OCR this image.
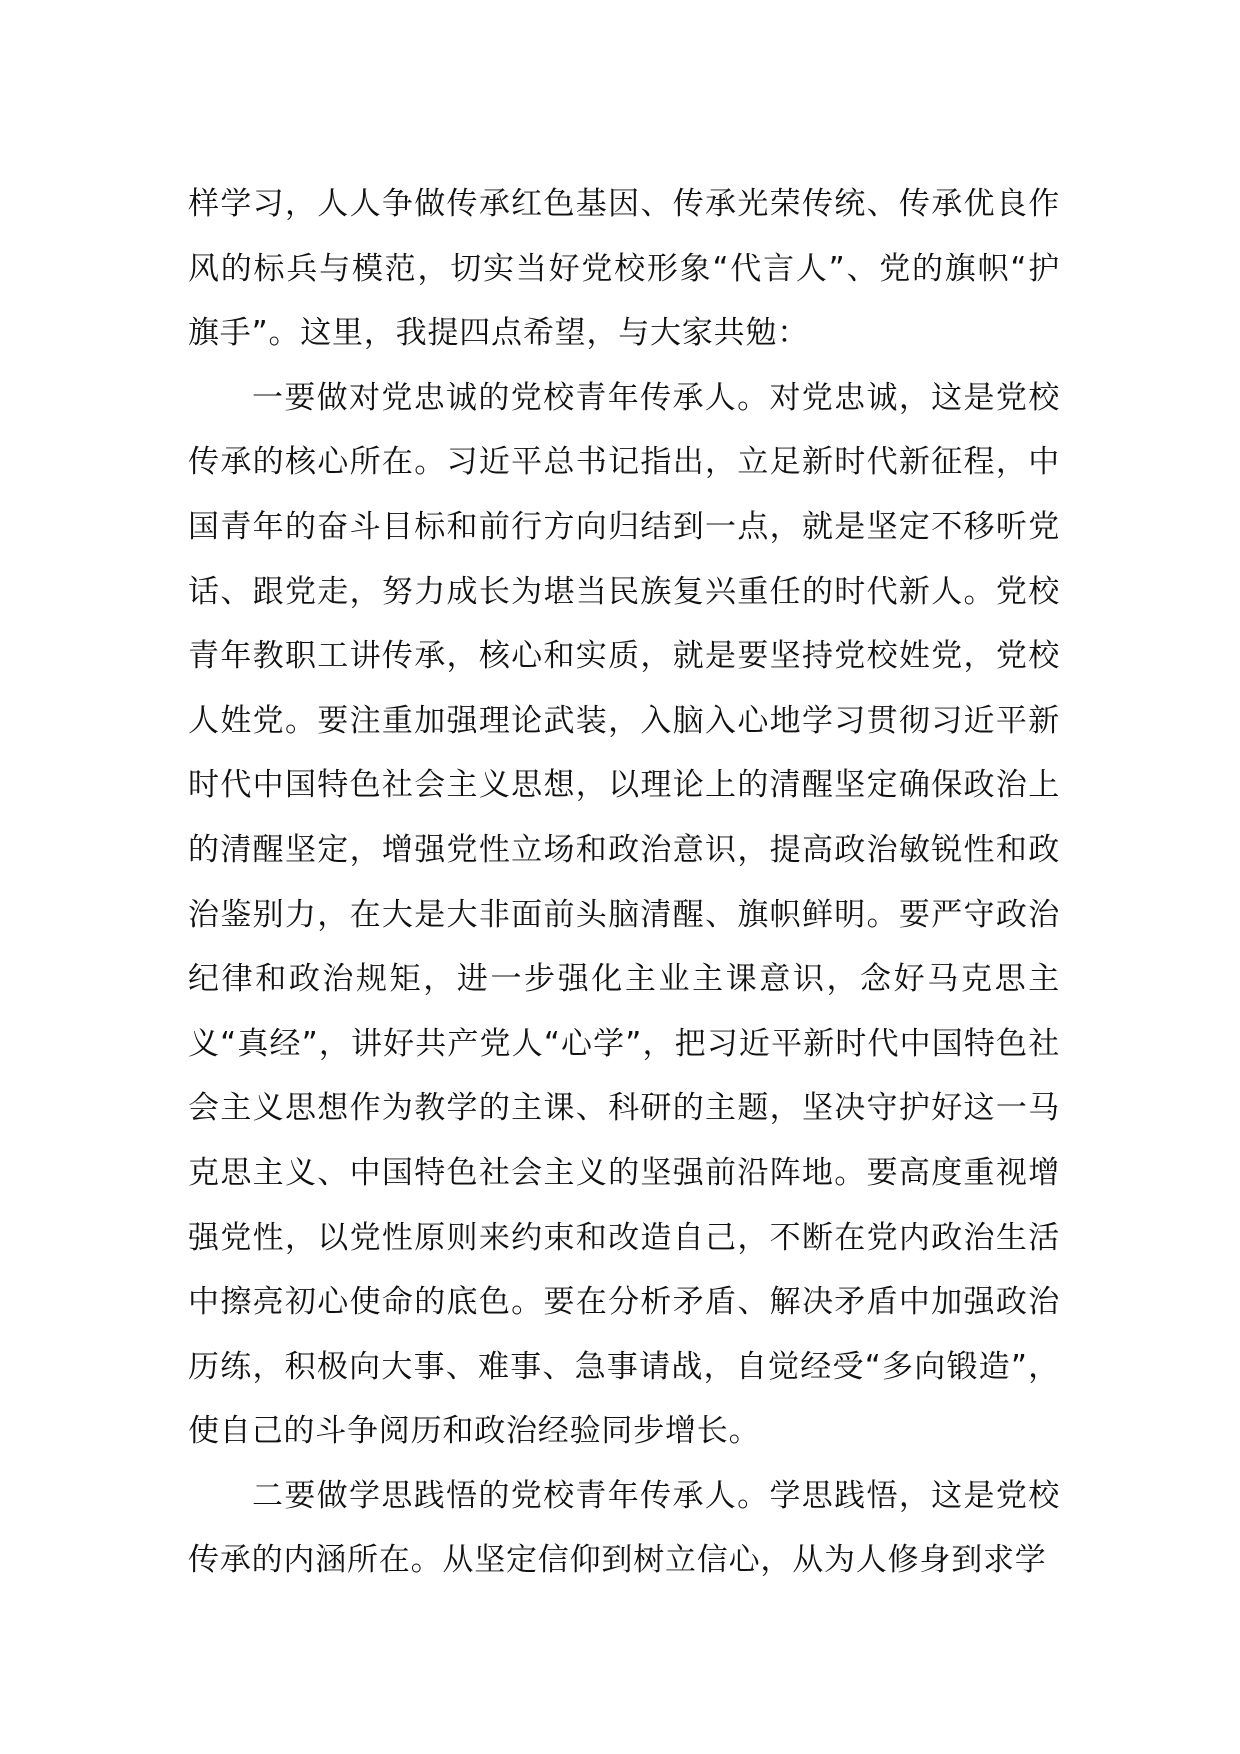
样学习，人人争做传承红色基因、传承光荣传统、传承优良作风的标兵与模范，切实当好党校形象“代言人”、党的旗帜“护旗手”。这里，我提四点希望，与大家共勉：

一要做对党忠诚的党校青年传承人。对党忠诚，这是党校传承的核心所在。习近平总书记指出，立足新时代新征程，中国青年的奋斗目标和前行方向归结到一点，就是坚定不移听党话、跟党走，努力成长为堪当民族复兴重任的时代新人。党校青年教职工讲传承，核心和实质，就是要坚持党校姓党，党校人姓党。要注重加强理论武装，入脑入心地学习贯彻习近平新时代中国特色社会主义思想，以理论上的清醒坚定确保政治上的清醒坚定，增强党性立场和政治意识，提高政治敏锐性和政治鉴别力，在大是大非面前头脑清醒、旗帜鲜明。要严守政治纪律和政治规矩，进一步强化主业主课意识，念好马克思主义“真经”，讲好共产党人“心学”，把习近平新时代中国特色社会主义思想作为教学的主课、科研的主题，坚决守护好这一马克思主义、中国特色社会主义的坚强前沿阵地。要高度重视增强党性，以党性原则来约束和改造自己，不断在党内政治生活中擦亮初心使命的底色。要在分析矛盾、解决矛盾中加强政治历练，积极向大事、难事、急事请战，自觉经受“多向锻造”，使自己的斗争阅历和政治经验同步增长。

二要做学思践悟的党校青年传承人。学思践悟，这是党校传承的内涵所在。从坚定信仰到树立信心，从为人修身到求学
